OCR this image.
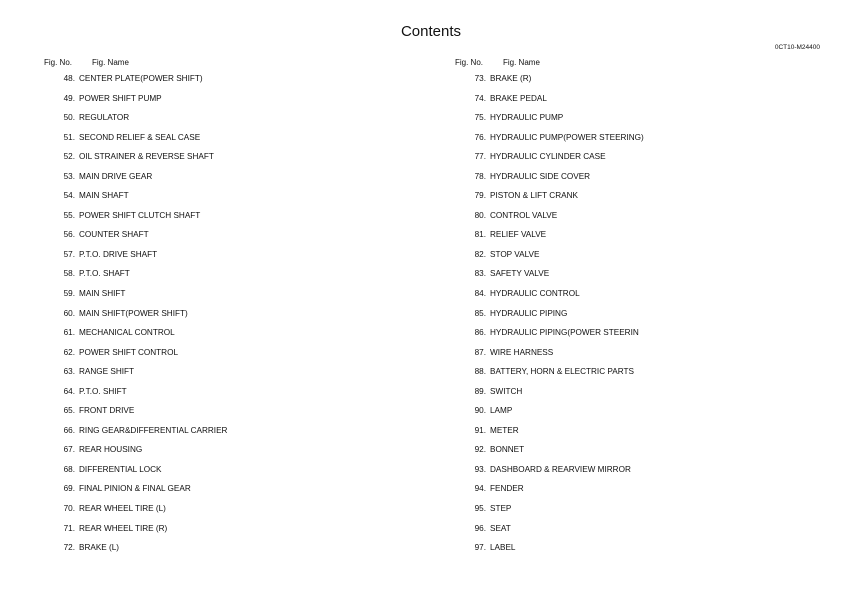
Contents
0CT10-M24400
Fig. No. Fig. Name
48. CENTER PLATE(POWER SHIFT)
49. POWER SHIFT PUMP
50. REGULATOR
51. SECOND RELIEF & SEAL CASE
52. OIL STRAINER & REVERSE SHAFT
53. MAIN DRIVE GEAR
54. MAIN SHAFT
55. POWER SHIFT CLUTCH SHAFT
56. COUNTER SHAFT
57. P.T.O. DRIVE SHAFT
58. P.T.O. SHAFT
59. MAIN SHIFT
60. MAIN SHIFT(POWER SHIFT)
61. MECHANICAL CONTROL
62. POWER SHIFT CONTROL
63. RANGE SHIFT
64. P.T.O. SHIFT
65. FRONT DRIVE
66. RING GEAR&DIFFERENTIAL CARRIER
67. REAR HOUSING
68. DIFFERENTIAL LOCK
69. FINAL PINION & FINAL GEAR
70. REAR WHEEL TIRE (L)
71. REAR WHEEL TIRE (R)
72. BRAKE (L)
Fig. No. Fig. Name
73. BRAKE (R)
74. BRAKE PEDAL
75. HYDRAULIC PUMP
76. HYDRAULIC PUMP(POWER STEERING)
77. HYDRAULIC CYLINDER CASE
78. HYDRAULIC SIDE COVER
79. PISTON & LIFT CRANK
80. CONTROL VALVE
81. RELIEF VALVE
82. STOP VALVE
83. SAFETY VALVE
84. HYDRAULIC CONTROL
85. HYDRAULIC PIPING
86. HYDRAULIC PIPING(POWER STEERIN
87. WIRE HARNESS
88. BATTERY, HORN & ELECTRIC PARTS
89. SWITCH
90. LAMP
91. METER
92. BONNET
93. DASHBOARD & REARVIEW MIRROR
94. FENDER
95. STEP
96. SEAT
97. LABEL
